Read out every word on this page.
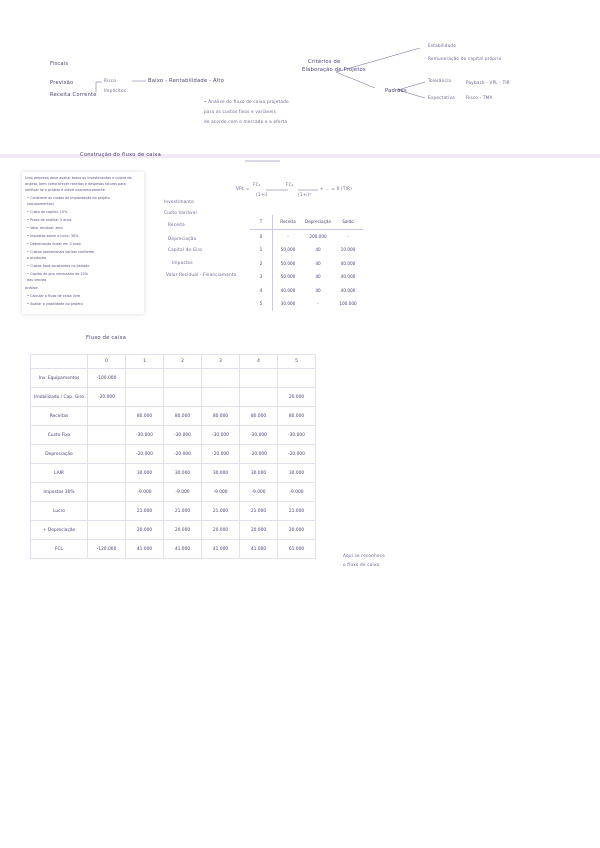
Fiscais
Previsão
Receita Corrente
Risco
Implícitos
Baixo - Rentabilidade - Alto
Critérios de
Elaboração de Projetos
Padrões
Estabilidade
Remuneração do capital próprio
Tolerância	Payback - VPL - TIR
Expectativa	Risco - TMA
• Análise do fluxo de caixa projetado
para os custos fixos e variáveis
de acordo com o mercado e a oferta
Construção do fluxo de caixa

Uma empresa deve avaliar todos os investimentos e custos do

projeto, bem como prever receitas e despesas futuras para

verificar se o projeto é viável economicamente.

• Considere os custos de implantação do projeto

(equipamentos)

• Custo de capital: 15%

• Prazo de análise: 5 anos

• Valor residual: zero

• Impostos sobre o lucro: 30%

• Depreciação linear em 5 anos

• Custos operacionais variam conforme

a produção

• Custos fixos constantes no período

• Capital de giro necessário de 20%

das vendas

Análise:

• Calcular o fluxo de caixa livre

• Avaliar a viabilidade do projeto

VPL =
FC₁
(1+i)
FC₂
(1+i)²
+ ... = 0 (TIR)
Investimento
Custo Variável
Receita
Depreciação
Capital de Giro
Impostos
Valor Residual - Financiamento
T	Receita	Depreciação	Saldo
0	-	200.000	-
1	50.000	40	10.000
2	50.000	40	40.000
3	50.000	40	40.000
4	40.000	40	40.000
5	30.000	-	100.000
Fluxo de caixa
	0	1	2	3	4	5
Inv. Equipamentos	-100.000					
Imobilizado / Cap. Giro	-20.000					20.000
Receitas		80.000	80.000	80.000	80.000	80.000
Custo Fixo		-30.000	-30.000	-30.000	-30.000	-30.000
Depreciação		-20.000	-20.000	-20.000	-20.000	-20.000
LAIR		30.000	30.000	30.000	30.000	30.000
Impostos 30%		-9.000	-9.000	-9.000	-9.000	-9.000
Lucro		21.000	21.000	21.000	21.000	21.000
+ Depreciação		20.000	20.000	20.000	20.000	20.000
FCL	-120.000	41.000	41.000	41.000	41.000	61.000
Aqui se reconhece
o fluxo de caixa
